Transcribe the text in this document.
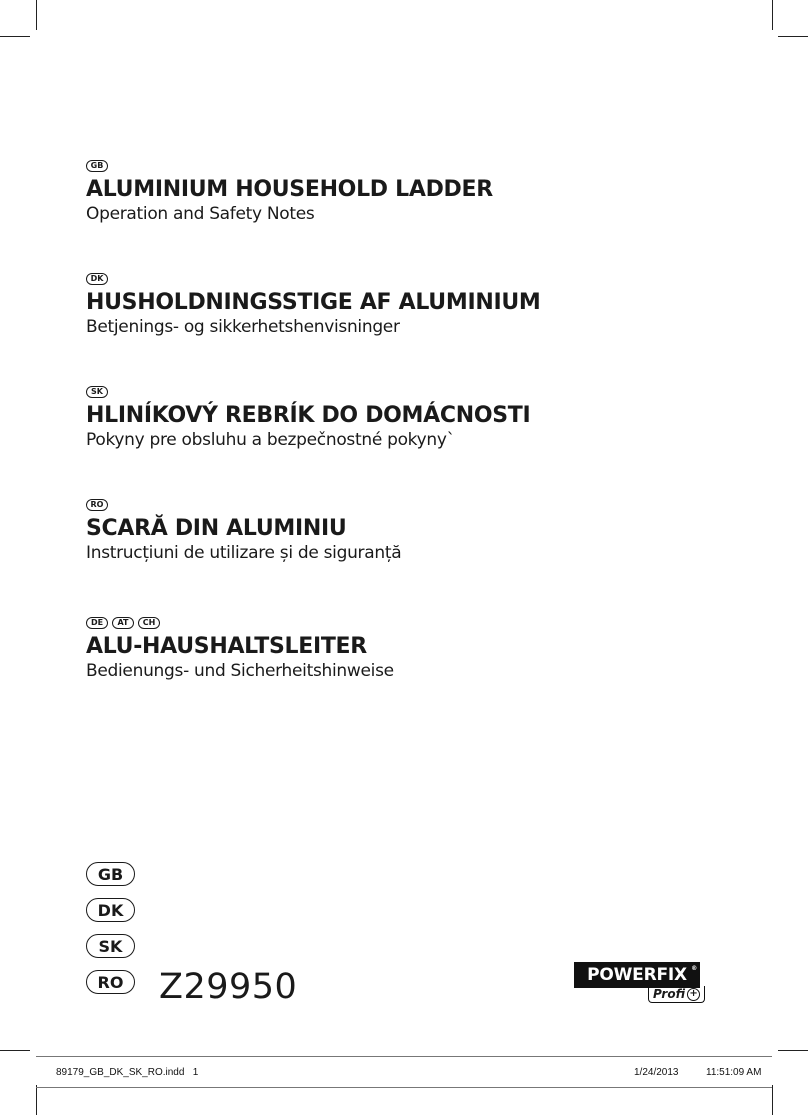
GB
ALUMINIUM HOUSEHOLD LADDER
Operation and Safety Notes
DK
HUSHOLDNINGSSTIGE AF ALUMINIUM
Betjenings- og sikkerhetshenvisninger
SK
HLINÍKOVÝ REBRÍK DO DOMÁCNOSTI
Pokyny pre obsluhu a bezpečnostné pokyny`
RO
SCARĂ DIN ALUMINIU
Instrucțiuni de utilizare și de siguranță
DE	AT	CH
ALU-HAUSHALTSLEITER
Bedienungs- und Sicherheitshinweise
GB
DK
SK
RO	Z29950	POWERFIX ®
Profi +
89179_GB_DK_SK_RO.indd   1	1/24/2013	11:51:09 AM
